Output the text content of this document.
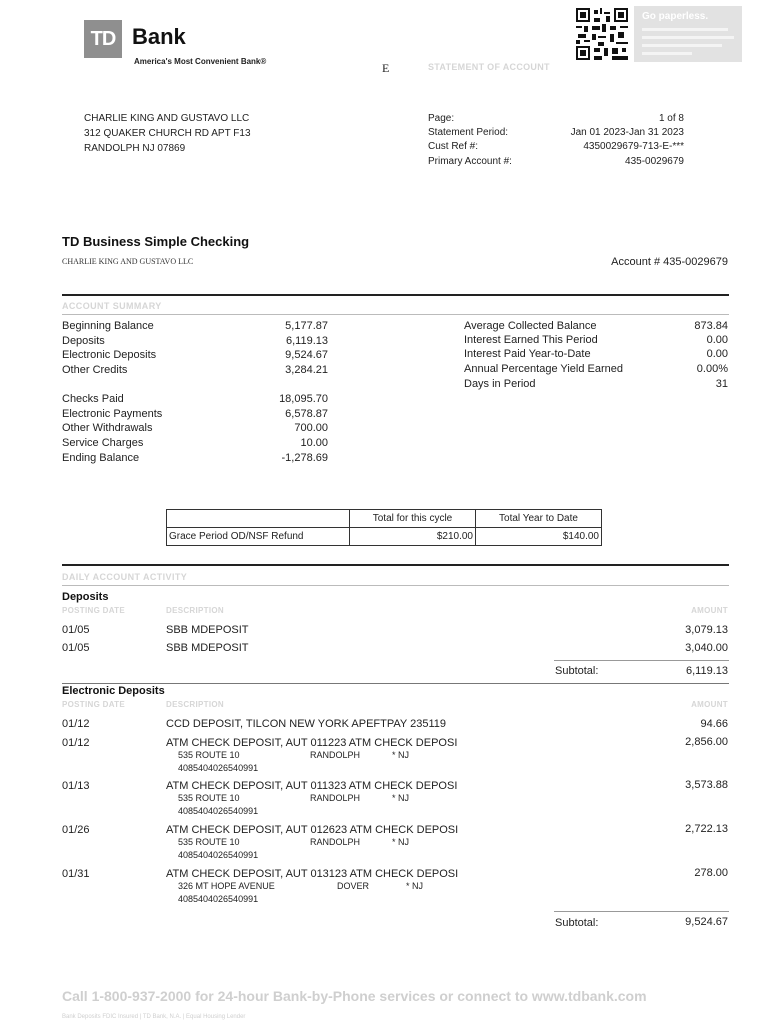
TD Bank
America's Most Convenient Bank®	E	STATEMENT OF ACCOUNT
Go paperless.
CHARLIE KING AND GUSTAVO LLC
312 QUAKER CHURCH RD APT F13
RANDOLPH NJ 07869
Page:	1 of 8
Statement Period:	Jan 01 2023-Jan 31 2023
Cust Ref #:	4350029679-713-E-***
Primary Account #:	435-0029679
TD Business Simple Checking
CHARLIE KING AND GUSTAVO LLC	Account # 435-0029679
ACCOUNT SUMMARY
Beginning Balance	5,177.87
Deposits	6,119.13
Electronic Deposits	9,524.67
Other Credits	3,284.21
Checks Paid	18,095.70
Electronic Payments	6,578.87
Other Withdrawals	700.00
Service Charges	10.00
Ending Balance	-1,278.69
Average Collected Balance	873.84
Interest Earned This Period	0.00
Interest Paid Year-to-Date	0.00
Annual Percentage Yield Earned	0.00%
Days in Period	31
	Total for this cycle	Total Year to Date
Grace Period OD/NSF Refund	$210.00	$140.00
DAILY ACCOUNT ACTIVITY
Deposits
POSTING DATE	DESCRIPTION	AMOUNT
01/05	SBB MDEPOSIT	3,079.13
01/05	SBB MDEPOSIT	3,040.00
Subtotal:	6,119.13
Electronic Deposits
POSTING DATE	DESCRIPTION	AMOUNT
01/12	CCD DEPOSIT, TILCON NEW YORK APEFTPAY 235119	94.66
01/12	ATM CHECK DEPOSIT, AUT 011223 ATM CHECK DEPOSI	2,856.00
535 ROUTE 10	RANDOLPH	* NJ
4085404026540991
01/13	ATM CHECK DEPOSIT, AUT 011323 ATM CHECK DEPOSI	3,573.88
535 ROUTE 10	RANDOLPH	* NJ
4085404026540991
01/26	ATM CHECK DEPOSIT, AUT 012623 ATM CHECK DEPOSI	2,722.13
535 ROUTE 10	RANDOLPH	* NJ
4085404026540991
01/31	ATM CHECK DEPOSIT, AUT 013123 ATM CHECK DEPOSI	278.00
326 MT HOPE AVENUE	DOVER	* NJ
4085404026540991
Subtotal:	9,524.67
Call 1-800-937-2000 for 24-hour Bank-by-Phone services or connect to www.tdbank.com
Bank Deposits FDIC Insured | TD Bank, N.A. | Equal Housing Lender
